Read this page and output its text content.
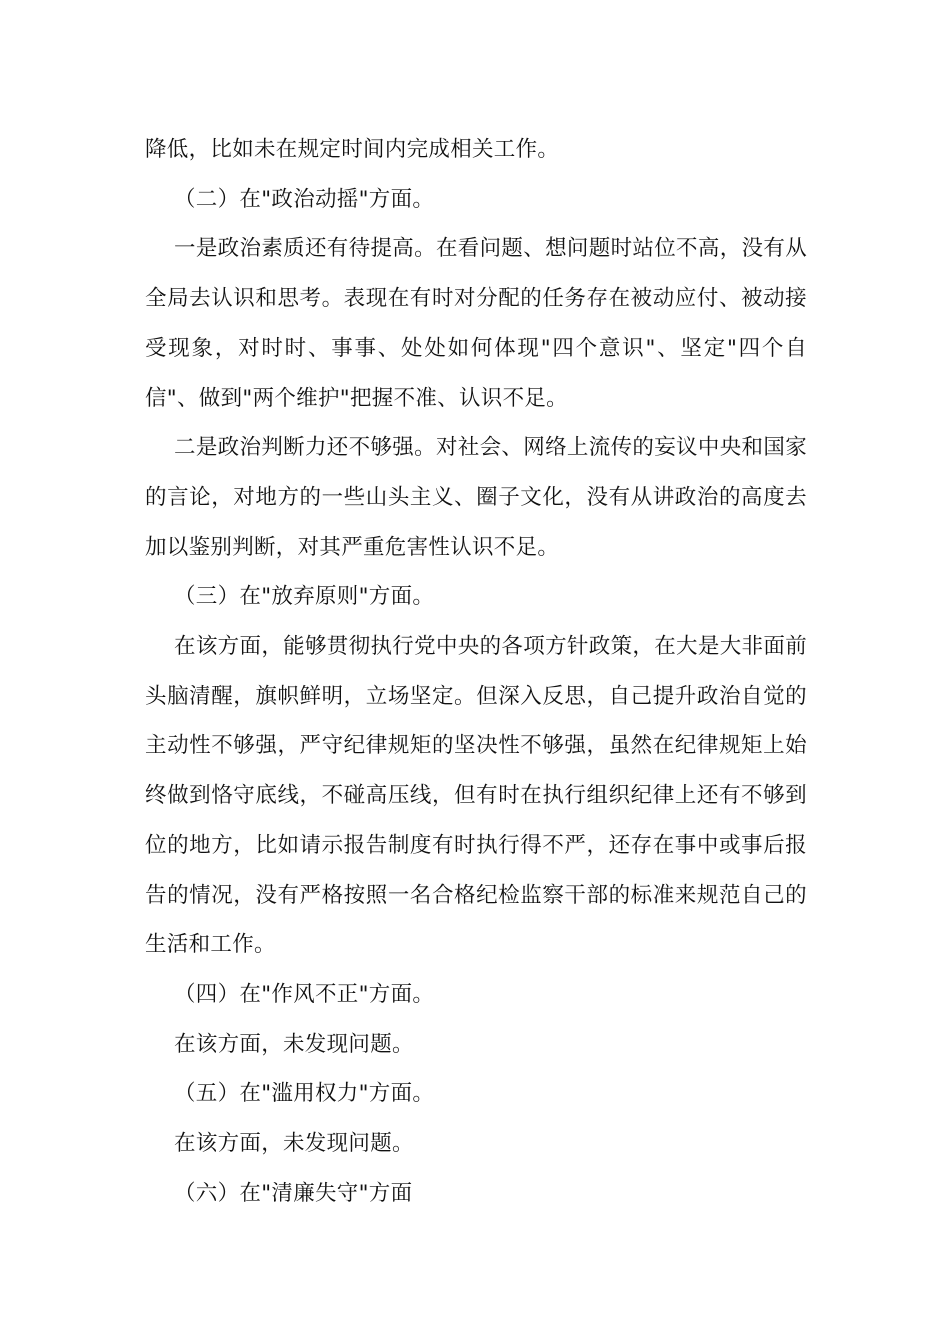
降低，比如未在规定时间内完成相关工作。

（二）在"政治动摇"方面。

一是政治素质还有待提高。在看问题、想问题时站位不高，没有从全局去认识和思考。表现在有时对分配的任务存在被动应付、被动接受现象，对时时、事事、处处如何体现"四个意识"、坚定"四个自信"、做到"两个维护"把握不准、认识不足。

二是政治判断力还不够强。对社会、网络上流传的妄议中央和国家的言论，对地方的一些山头主义、圈子文化，没有从讲政治的高度去加以鉴别判断，对其严重危害性认识不足。

（三）在"放弃原则"方面。

在该方面，能够贯彻执行党中央的各项方针政策，在大是大非面前头脑清醒，旗帜鲜明，立场坚定。但深入反思，自己提升政治自觉的主动性不够强，严守纪律规矩的坚决性不够强，虽然在纪律规矩上始终做到恪守底线，不碰高压线，但有时在执行组织纪律上还有不够到位的地方，比如请示报告制度有时执行得不严，还存在事中或事后报告的情况，没有严格按照一名合格纪检监察干部的标准来规范自己的生活和工作。

（四）在"作风不正"方面。

在该方面，未发现问题。

（五）在"滥用权力"方面。

在该方面，未发现问题。

（六）在"清廉失守"方面
